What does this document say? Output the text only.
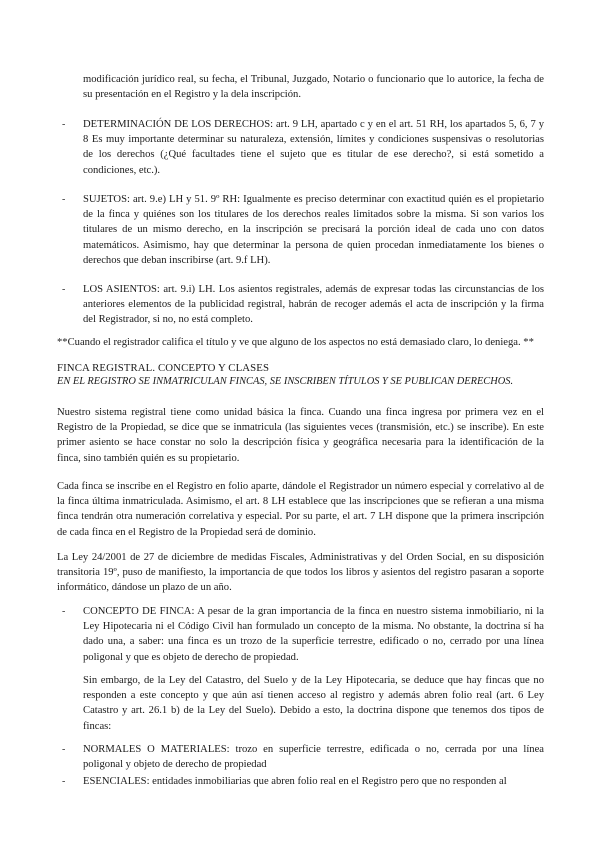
modificación jurídico real, su fecha, el Tribunal, Juzgado, Notario o funcionario que lo autorice, la fecha de su presentación en el Registro y la dela inscripción.

- DETERMINACIÓN DE LOS DERECHOS: art. 9 LH, apartado c y en el art. 51 RH, los apartados 5, 6, 7 y 8 Es muy importante determinar su naturaleza, extensión, límites y condiciones suspensivas o resolutorias de los derechos (¿Qué facultades tiene el sujeto que es titular de ese derecho?, si está sometido a condiciones, etc.).

- SUJETOS: art. 9.e) LH y 51. 9º RH: Igualmente es preciso determinar con exactitud quién es el propietario de la finca y quiénes son los titulares de los derechos reales limitados sobre la misma. Si son varios los titulares de un mismo derecho, en la inscripción se precisará la porción ideal de cada uno con datos matemáticos. Asimismo, hay que determinar la persona de quien procedan inmediatamente los bienes o derechos que deban inscribirse (art. 9.f LH).

- LOS ASIENTOS: art. 9.i) LH. Los asientos registrales, además de expresar todas las circunstancias de los anteriores elementos de la publicidad registral, habrán de recoger además el acta de inscripción y la firma del Registrador, si no, no está completo.

**Cuando el registrador califica el título y ve que alguno de los aspectos no está demasiado claro, lo deniega. **

FINCA REGISTRAL. CONCEPTO Y CLASES

EN EL REGISTRO SE INMATRICULAN FINCAS, SE INSCRIBEN TÍTULOS Y SE PUBLICAN DERECHOS.

Nuestro sistema registral tiene como unidad básica la finca. Cuando una finca ingresa por primera vez en el Registro de la Propiedad, se dice que se inmatricula (las siguientes veces (transmisión, etc.) se inscribe). En este primer asiento se hace constar no solo la descripción física y geográfica necesaria para la identificación de la finca, sino también quién es su propietario.

Cada finca se inscribe en el Registro en folio aparte, dándole el Registrador un número especial y correlativo al de la finca última inmatriculada. Asimismo, el art. 8 LH establece que las inscripciones que se refieran a una misma finca tendrán otra numeración correlativa y especial. Por su parte, el art. 7 LH dispone que la primera inscripción de cada finca en el Registro de la Propiedad será de dominio.

La Ley 24/2001 de 27 de diciembre de medidas Fiscales, Administrativas y del Orden Social, en su disposición transitoria 19º, puso de manifiesto, la importancia de que todos los libros y asientos del registro pasaran a soporte informático, dándose un plazo de un año.

- CONCEPTO DE FINCA: A pesar de la gran importancia de la finca en nuestro sistema inmobiliario, ni la Ley Hipotecaria ni el Código Civil han formulado un concepto de la misma. No obstante, la doctrina sí ha dado una, a saber: una finca es un trozo de la superficie terrestre, edificado o no, cerrado por una línea poligonal y que es objeto de derecho de propiedad.

Sin embargo, de la Ley del Catastro, del Suelo y de la Ley Hipotecaria, se deduce que hay fincas que no responden a este concepto y que aún así tienen acceso al registro y además abren folio real (art. 6 Ley Catastro y art. 26.1 b) de la Ley del Suelo). Debido a esto, la doctrina dispone que tenemos dos tipos de fincas:

- NORMALES O MATERIALES: trozo en superficie terrestre, edificada o no, cerrada por una línea poligonal y objeto de derecho de propiedad

- ESENCIALES: entidades inmobiliarias que abren folio real en el Registro pero que no responden al
